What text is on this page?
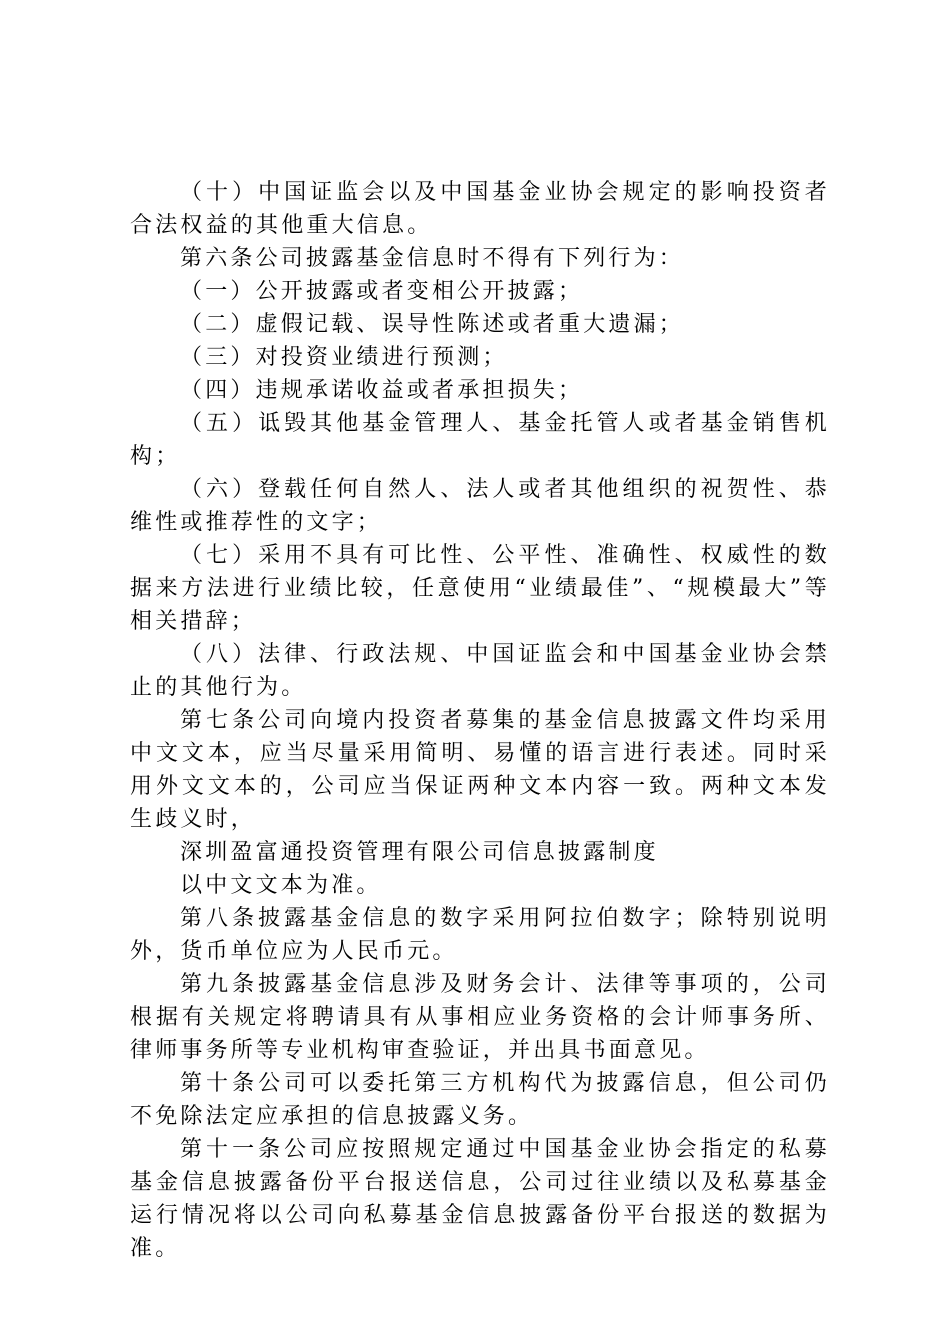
（十）中国证监会以及中国基金业协会规定的影响投资者合法权益的其他重大信息。

第六条公司披露基金信息时不得有下列行为：

（一）公开披露或者变相公开披露；

（二）虚假记载、误导性陈述或者重大遗漏；

（三）对投资业绩进行预测；

（四）违规承诺收益或者承担损失；

（五）诋毁其他基金管理人、基金托管人或者基金销售机构；

（六）登载任何自然人、法人或者其他组织的祝贺性、恭维性或推荐性的文字；

（七）采用不具有可比性、公平性、准确性、权威性的数据来方法进行业绩比较，任意使用“业绩最佳”、“规模最大”等相关措辞；

（八）法律、行政法规、中国证监会和中国基金业协会禁止的其他行为。

第七条公司向境内投资者募集的基金信息披露文件均采用中文文本，应当尽量采用简明、易懂的语言进行表述。同时采用外文文本的，公司应当保证两种文本内容一致。两种文本发生歧义时，

深圳盈富通投资管理有限公司信息披露制度

以中文文本为准。

第八条披露基金信息的数字采用阿拉伯数字；除特别说明外，货币单位应为人民币元。

第九条披露基金信息涉及财务会计、法律等事项的，公司根据有关规定将聘请具有从事相应业务资格的会计师事务所、律师事务所等专业机构审查验证，并出具书面意见。

第十条公司可以委托第三方机构代为披露信息，但公司仍不免除法定应承担的信息披露义务。

第十一条公司应按照规定通过中国基金业协会指定的私募基金信息披露备份平台报送信息，公司过往业绩以及私募基金运行情况将以公司向私募基金信息披露备份平台报送的数据为准。
